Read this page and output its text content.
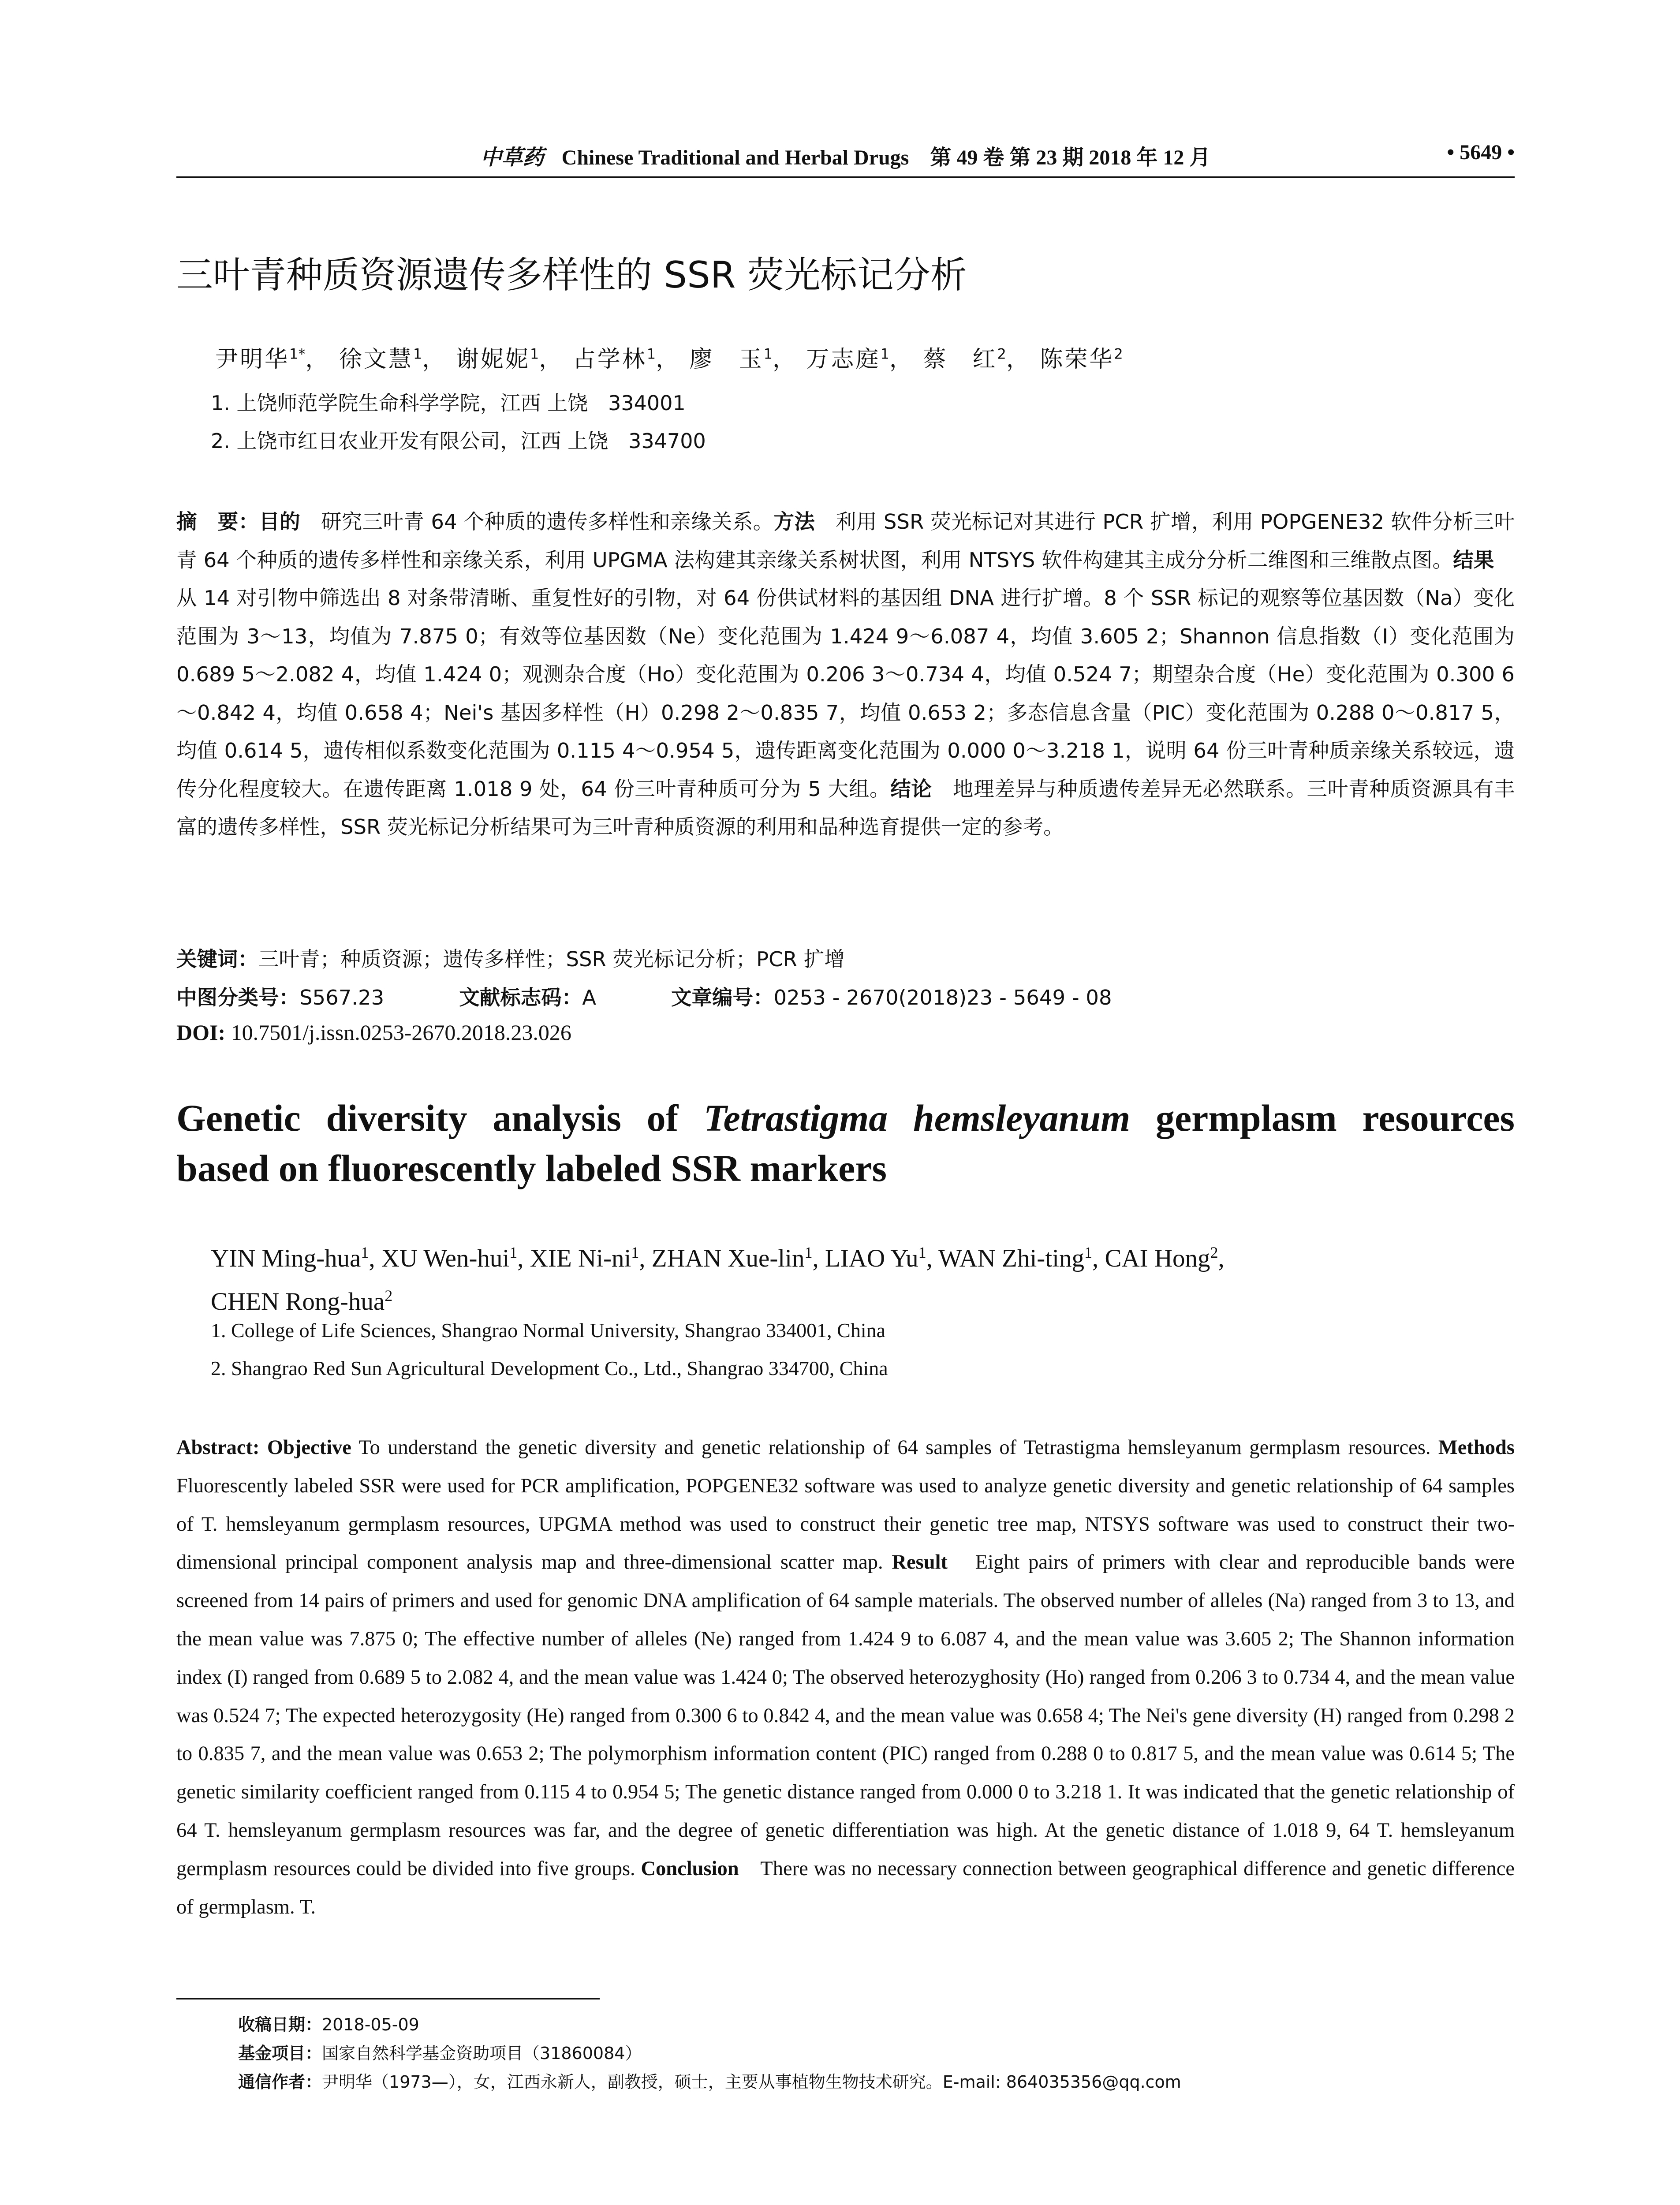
中草药 Chinese Traditional and Herbal Drugs 第 49 卷 第 23 期 2018 年 12 月	• 5649 •
三叶青种质资源遗传多样性的 SSR 荧光标记分析
尹明华$^{1*}$， 徐文慧$^1$， 谢妮妮$^1$， 占学林$^1$， 廖　玉$^1$， 万志庭$^1$， 蔡　红$^2$， 陈荣华$^2$
1. 上饶师范学院生命科学学院，江西 上饶　334001
2. 上饶市红日农业开发有限公司，江西 上饶　334700
摘　要：目的　研究三叶青 64 个种质的遗传多样性和亲缘关系。方法　利用 SSR 荧光标记对其进行 PCR 扩增，利用 POPGENE32 软件分析三叶青 64 个种质的遗传多样性和亲缘关系，利用 UPGMA 法构建其亲缘关系树状图，利用 NTSYS 软件构建其主成分分析二维图和三维散点图。结果　从 14 对引物中筛选出 8 对条带清晰、重复性好的引物，对 64 份供试材料的基因组 DNA 进行扩增。8 个 SSR 标记的观察等位基因数（Na）变化范围为 3～13，均值为 7.875 0；有效等位基因数（Ne）变化范围为 1.424 9～6.087 4，均值 3.605 2；Shannon 信息指数（I）变化范围为 0.689 5～2.082 4，均值 1.424 0；观测杂合度（Ho）变化范围为 0.206 3～0.734 4，均值 0.524 7；期望杂合度（He）变化范围为 0.300 6～0.842 4，均值 0.658 4；Nei's 基因多样性（H）0.298 2～0.835 7，均值 0.653 2；多态信息含量（PIC）变化范围为 0.288 0～0.817 5，均值 0.614 5，遗传相似系数变化范围为 0.115 4～0.954 5，遗传距离变化范围为 0.000 0～3.218 1，说明 64 份三叶青种质亲缘关系较远，遗传分化程度较大。在遗传距离 1.018 9 处，64 份三叶青种质可分为 5 大组。结论　地理差异与种质遗传差异无必然联系。三叶青种质资源具有丰富的遗传多样性，SSR 荧光标记分析结果可为三叶青种质资源的利用和品种选育提供一定的参考。
关键词：三叶青；种质资源；遗传多样性；SSR 荧光标记分析；PCR 扩增
中图分类号：S567.23	文献标志码：A	文章编号：0253 - 2670(2018)23 - 5649 - 08
DOI: 10.7501/j.issn.0253-2670.2018.23.026
Genetic diversity analysis of Tetrastigma hemsleyanum germplasm resources
based on fluorescently labeled SSR markers
YIN Ming-hua$^1$, XU Wen-hui$^1$, XIE $Ni-ni^1$, ZHAN Xue-lin$^1$, LIAO Yu$^1$, WAN Zhi-ting$^1$, CAI Hong$^2$,
CHEN Rong-hua$^2$
1. College of Life Sciences, Shangrao Normal University, Shangrao 334001, China
2. Shangrao Red Sun Agricultural Development Co., Ltd., Shangrao 334700, China
Abstract: Objective To understand the genetic diversity and genetic relationship of 64 samples of Tetrastigma hemsleyanum germplasm resources. Methods Fluorescently labeled SSR were used for PCR amplification, POPGENE32 software was used to analyze genetic diversity and genetic relationship of 64 samples of T. hemsleyanum germplasm resources, UPGMA method was used to construct their genetic tree map, NTSYS software was used to construct their two-dimensional principal component analysis map and three-dimensional scatter map. Result　Eight pairs of primers with clear and reproducible bands were screened from 14 pairs of primers and used for genomic DNA amplification of 64 sample materials. The observed number of alleles (Na) ranged from 3 to 13, and the mean value was 7.875 0; The effective number of alleles (Ne) ranged from 1.424 9 to 6.087 4, and the mean value was 3.605 2; The Shannon information index (I) ranged from 0.689 5 to 2.082 4, and the mean value was 1.424 0; The observed heterozyghosity (Ho) ranged from 0.206 3 to 0.734 4, and the mean value was 0.524 7; The expected heterozygosity (He) ranged from 0.300 6 to 0.842 4, and the mean value was 0.658 4; The Nei's gene diversity (H) ranged from 0.298 2 to 0.835 7, and the mean value was 0.653 2; The polymorphism information content (PIC) ranged from 0.288 0 to 0.817 5, and the mean value was 0.614 5; The genetic similarity coefficient ranged from 0.115 4 to 0.954 5; The genetic distance ranged from 0.000 0 to 3.218 1. It was indicated that the genetic relationship of 64 T. hemsleyanum germplasm resources was far, and the degree of genetic differentiation was high. At the genetic distance of 1.018 9, 64 T. hemsleyanum germplasm resources could be divided into five groups. Conclusion　There was no necessary connection between geographical difference and genetic difference of germplasm. T.
收稿日期：2018-05-09
基金项目：国家自然科学基金资助项目（31860084）
通信作者：尹明华（1973—），女，江西永新人，副教授，硕士，主要从事植物生物技术研究。E-mail: 864035356@qq.com
